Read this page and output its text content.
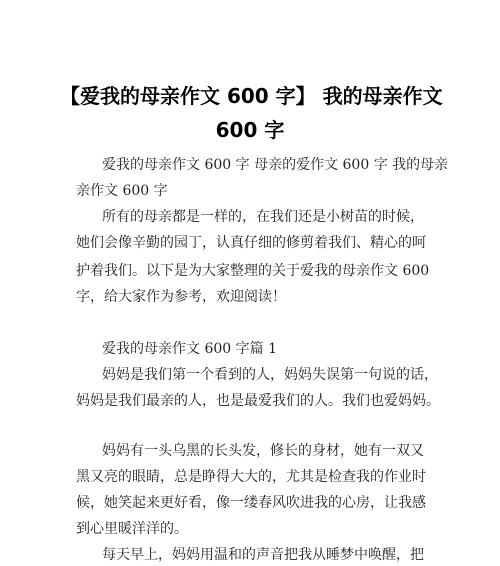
【爱我的母亲作文 600 字】 我的母亲作文
600 字

爱我的母亲作文 600 字 母亲的爱作文 600 字 我的母亲

亲作文 600 字

所有的母亲都是一样的，在我们还是小树苗的时候，

她们会像辛勤的园丁，认真仔细的修剪着我们、精心的呵

护着我们。以下是为大家整理的关于爱我的母亲作文 600

字，给大家作为参考，欢迎阅读！

爱我的母亲作文 600 字篇 1

妈妈是我们第一个看到的人，妈妈失误第一句说的话，

妈妈是我们最亲的人，也是最爱我们的人。我们也爱妈妈。

妈妈有一头乌黑的长头发，修长的身材，她有一双又

黑又亮的眼睛，总是睁得大大的，尤其是检查我的作业时

候，她笑起来更好看，像一缕春风吹进我的心房，让我感

到心里暖洋洋的。

每天早上，妈妈用温和的声音把我从睡梦中唤醒，把
